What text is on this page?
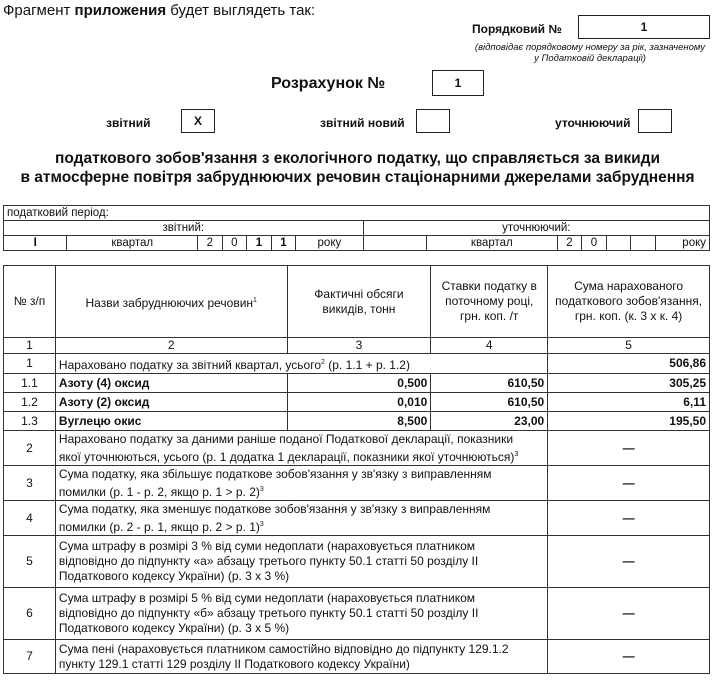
Фрагмент приложения будет выглядеть так:
Порядковий №	1
(відповідає порядковому номеру за рік, зазначеному
у Податковій декларації)
Розрахунок №	1
звітний	X	звітний новий	уточнюючий
податкового зобов'язання з екологічного податку, що справляється за викиди
в атмосферне повітря забруднюючих речовин стаціонарними джерелами забруднення
податковий період:													
звітний:							уточнюючий:						
I	квартал	2	0	1	1	року		квартал	2	0			року
№ з/п	Назви забруднюючих речовин$^1$	Фактичні обсяги викидів, тонн	Ставки податку в поточному році, грн. коп. /т	Сума нарахованого податкового зобов'язання, грн. коп. (к. 3 х к. 4)
1	2	3	4	5
1	Нараховано податку за звітний квартал, усього$^2$ (р. 1.1 + р. 1.2)			506,86
1.1	Азоту (4) оксид	0,500	610,50	305,25
1.2	Азоту (2) оксид	0,010	610,50	6,11
1.3	Вуглецю окис	8,500	23,00	195,50
2	Нараховано податку за даними раніше поданої Податкової декларації, показники
якої уточнюються, усього (р. 1 додатка 1 декларації, показники якої уточнюються)$^3$			—
3	Сума податку, яка збільшує податкове зобов'язання у зв'язку з виправленням
помилки (р. 1 - р. 2, якщо р. 1 > р. 2)$^3$			—
4	Сума податку, яка зменшує податкове зобов'язання у зв'язку з виправленням
помилки (р. 2 - р. 1, якщо р. 2 > р. 1)$^3$			—
5	Сума штрафу в розмірі 3 % від суми недоплати (нараховується платником
відповідно до підпункту «а» абзацу третього пункту 50.1 статті 50 розділу II
Податкового кодексу України) (р. 3 х 3 %)			—
6	Сума штрафу в розмірі 5 % від суми недоплати (нараховується платником
відповідно до підпункту «б» абзацу третього пункту 50.1 статті 50 розділу II
Податкового кодексу України) (р. 3 х 5 %)			—
7	Сума пені (нараховується платником самостійно відповідно до підпункту 129.1.2
пункту 129.1 статті 129 розділу II Податкового кодексу України)			—
